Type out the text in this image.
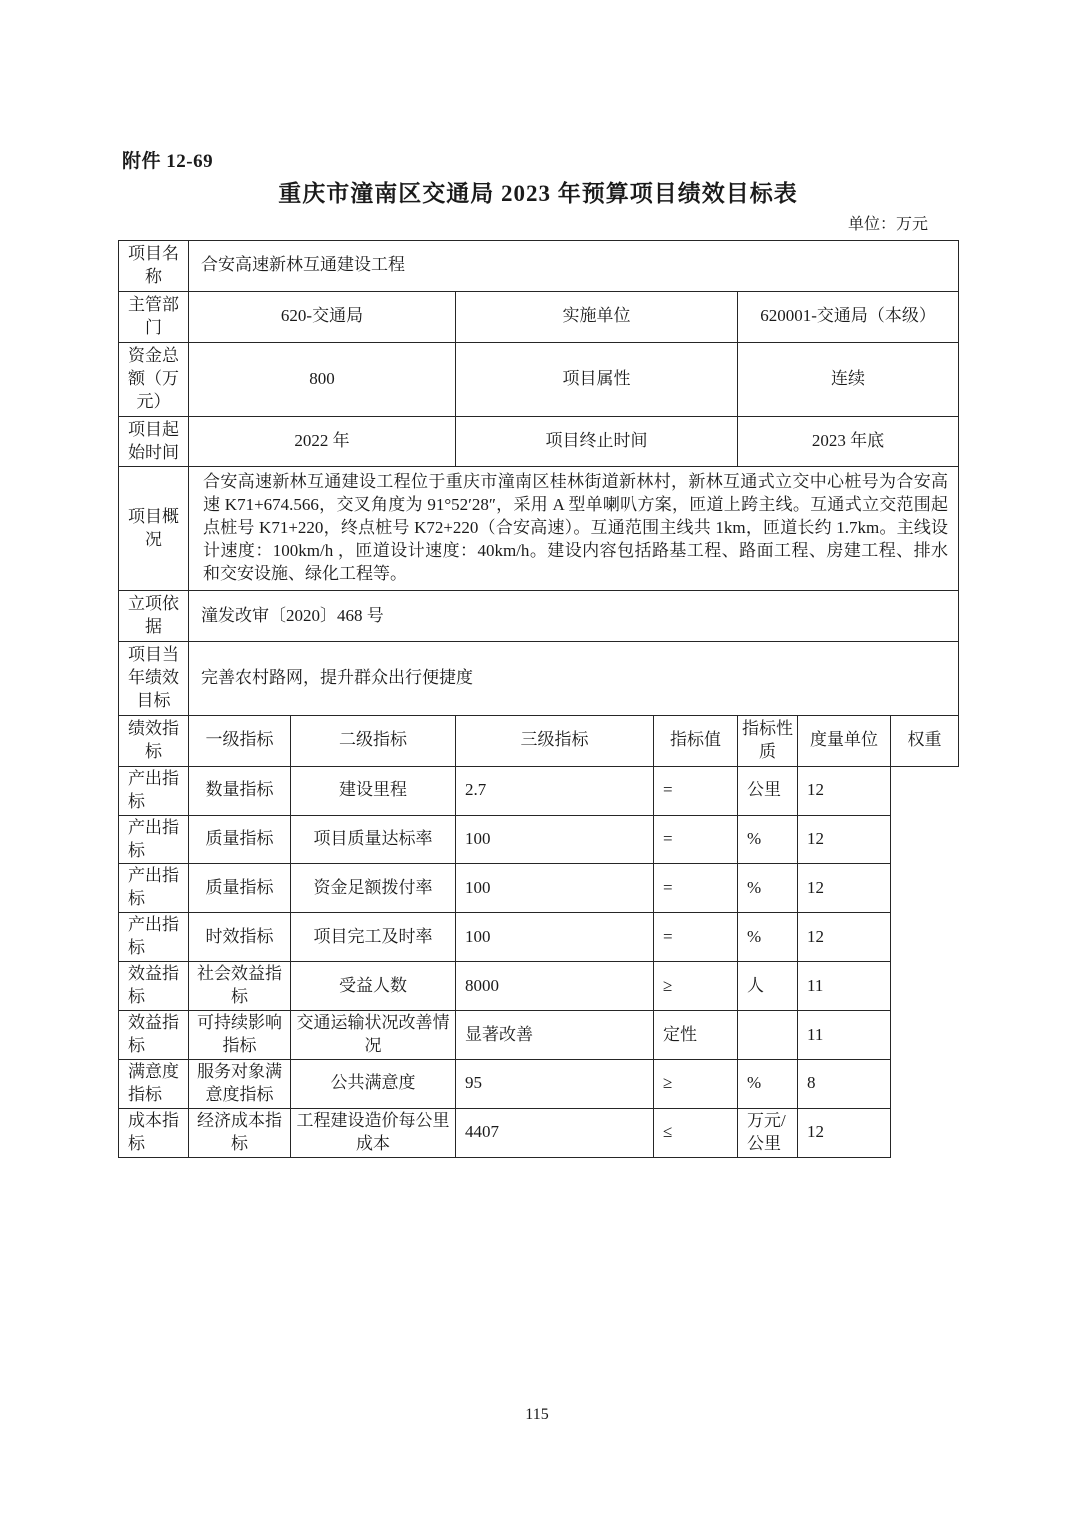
附件 12-69
重庆市潼南区交通局 2023 年预算项目绩效目标表
单位：万元
项目名称	合安高速新林互通建设工程						
主管部门	620-交通局		实施单位		620001-交通局（本级）		
资金总额（万元）	800		项目属性		连续		
项目起始时间	2022 年		项目终止时间		2023 年底		
项目概况	合安高速新林互通建设工程位于重庆市潼南区桂林街道新林村，新林互通式立交中心桩号为合安高速 K71+674.566，交叉角度为 91°52′28″，采用 A 型单喇叭方案，匝道上跨主线。互通式立交范围起点桩号 K71+220，终点桩号 K72+220（合安高速）。互通范围主线共 1km，匝道长约 1.7km。主线设计速度：100km/h ，匝道设计速度：40km/h。建设内容包括路基工程、路面工程、房建工程、排水和交安设施、绿化工程等。						
立项依据	潼发改审〔2020〕468 号						
项目当年绩效目标	完善农村路网，提升群众出行便捷度						
绩效指标	一级指标	二级指标	三级指标	指标值	指标性质	度量单位	权重
产出指标	数量指标	建设里程	2.7	=	公里	12	
产出指标	质量指标	项目质量达标率	100	=	%	12	
产出指标	质量指标	资金足额拨付率	100	=	%	12	
产出指标	时效指标	项目完工及时率	100	=	%	12	
效益指标	社会效益指标	受益人数	8000	≥	人	11	
效益指标	可持续影响指标	交通运输状况改善情况	显著改善	定性		11	
满意度指标	服务对象满意度指标	公共满意度	95	≥	%	8	
成本指标	经济成本指标	工程建设造价每公里成本	4407	≤	万元/公里	12	
115
